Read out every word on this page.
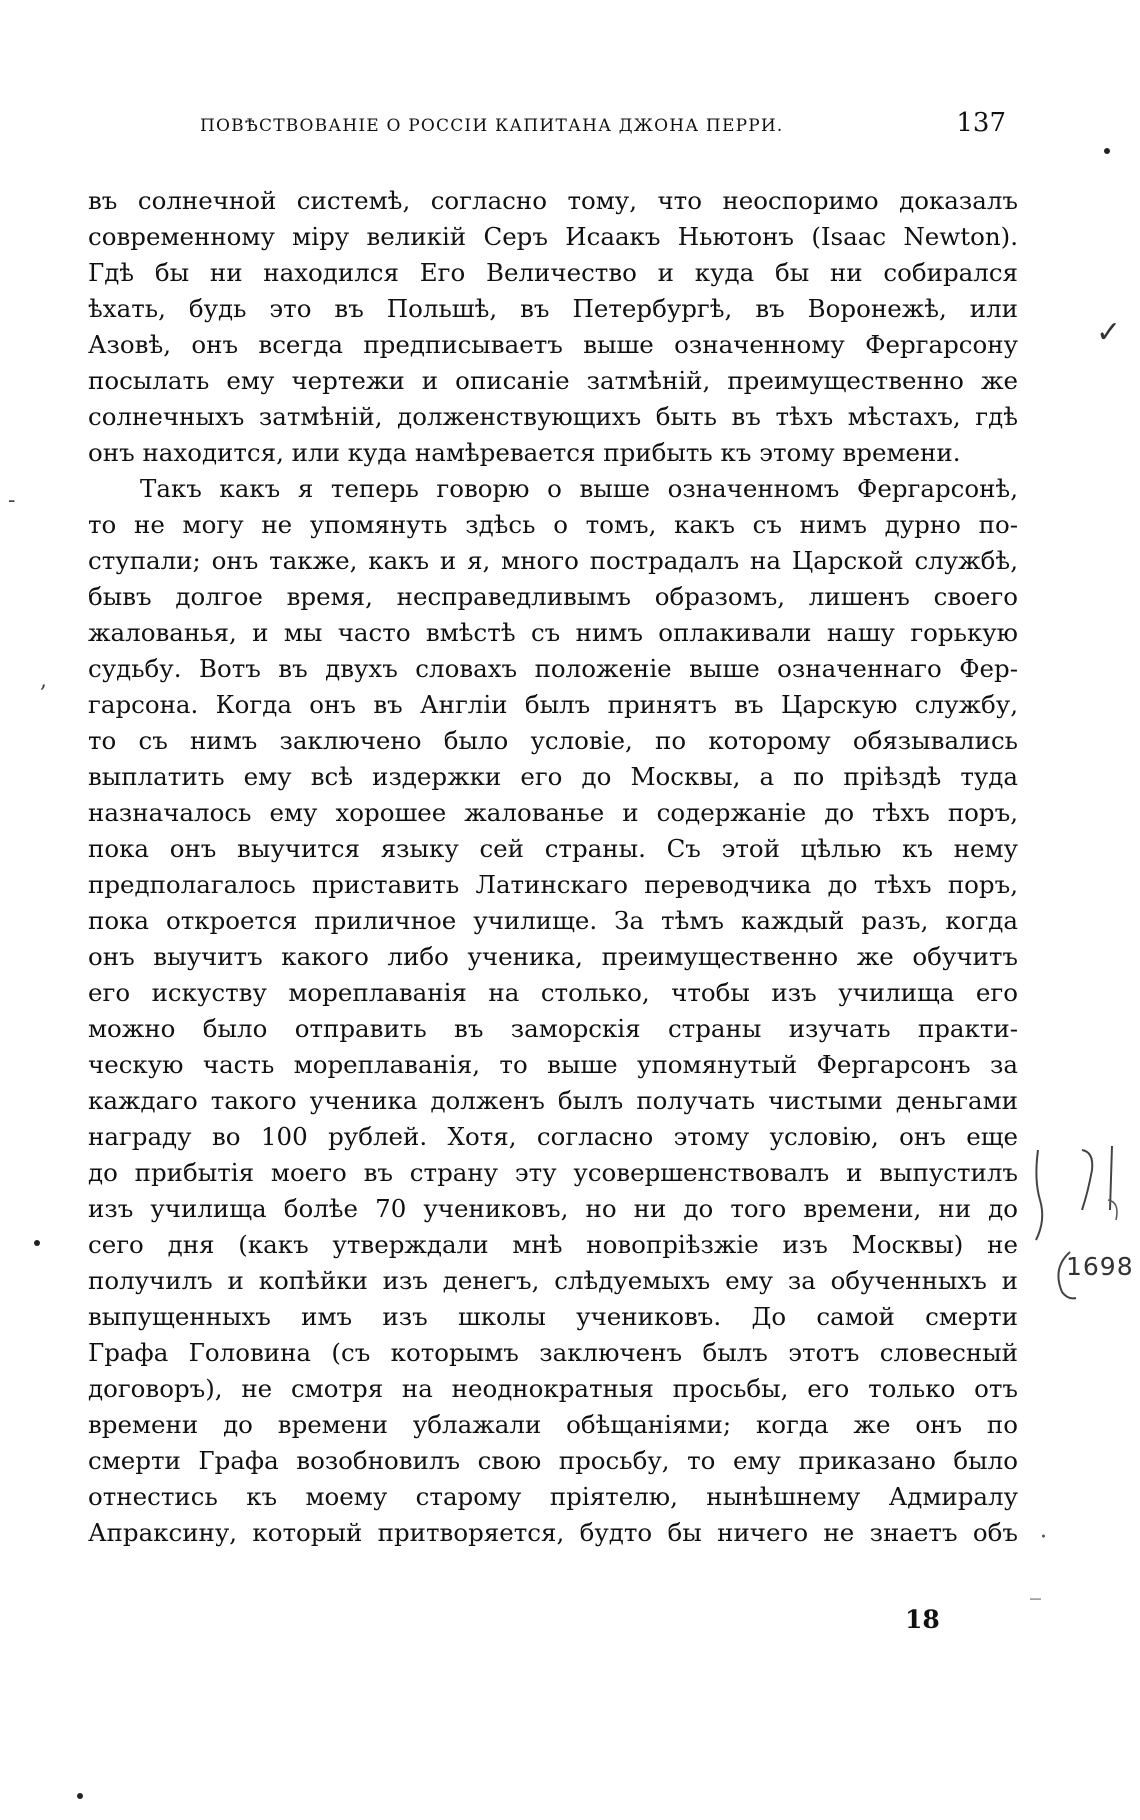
ПОВѢСТВОВАНІЕ О РОССІИ КАПИТАНА ДЖОНА ПЕРРИ.	137
въ солнечной системѣ, согласно тому, что неоспоримо доказалъ
современному міру великій Серъ Исаакъ Ньютонъ (Isaac Newton).
Гдѣ бы ни находился Его Величество и куда бы ни собирался
ѣхать, будь это въ Польшѣ, въ Петербургѣ, въ Воронежѣ, или
Азовѣ, онъ всегда предписываетъ выше означенному Фергарсону
посылать ему чертежи и описаніе затмѣній, преимущественно же
солнечныхъ затмѣній, долженствующихъ быть въ тѣхъ мѣстахъ, гдѣ
онъ находится, или куда намѣревается прибыть къ этому времени.
Такъ какъ я теперь говорю о выше означенномъ Фергарсонѣ,
то не могу не упомянуть здѣсь о томъ, какъ съ нимъ дурно по-
ступали; онъ также, какъ и я, много пострадалъ на Царской службѣ,
бывъ долгое время, несправедливымъ образомъ, лишенъ своего
жалованья, и мы часто вмѣстѣ съ нимъ оплакивали нашу горькую
судьбу. Вотъ въ двухъ словахъ положеніе выше означеннаго Фер-
гарсона. Когда онъ въ Англіи былъ принятъ въ Царскую службу,
то съ нимъ заключено было условіе, по которому обязывались
выплатить ему всѣ издержки его до Москвы, а по пріѣздѣ туда
назначалось ему хорошее жалованье и содержаніе до тѣхъ поръ,
пока онъ выучится языку сей страны. Съ этой цѣлью къ нему
предполагалось приставить Латинскаго переводчика до тѣхъ поръ,
пока откроется приличное училище. За тѣмъ каждый разъ, когда
онъ выучитъ какого либо ученика, преимущественно же обучитъ
его искуству мореплаванія на столько, чтобы изъ училища его
можно было отправить въ заморскія страны изучать практи-
ческую часть мореплаванія, то выше упомянутый Фергарсонъ за
каждаго такого ученика долженъ былъ получать чистыми деньгами
награду во 100 рублей. Хотя, согласно этому условію, онъ еще
до прибытія моего въ страну эту усовершенствовалъ и выпустилъ
изъ училища болѣе 70 учениковъ, но ни до того времени, ни до
сего дня (какъ утверждали мнѣ новопріѣзжіе изъ Москвы) не
получилъ и копѣйки изъ денегъ, слѣдуемыхъ ему за обученныхъ и
выпущенныхъ имъ изъ школы учениковъ. До самой смерти
Графа Головина (съ которымъ заключенъ былъ этотъ словесный
договоръ), не смотря на неоднократныя просьбы, его только отъ
времени до времени ублажали обѣщаніями; когда же онъ по
смерти Графа возобновилъ свою просьбу, то ему приказано было
отнестись къ моему старому пріятелю, нынѣшнему Адмиралу
Апраксину, который притворяется, будто бы ничего не знаетъ объ
18
✓
-
,
·
_
1698
